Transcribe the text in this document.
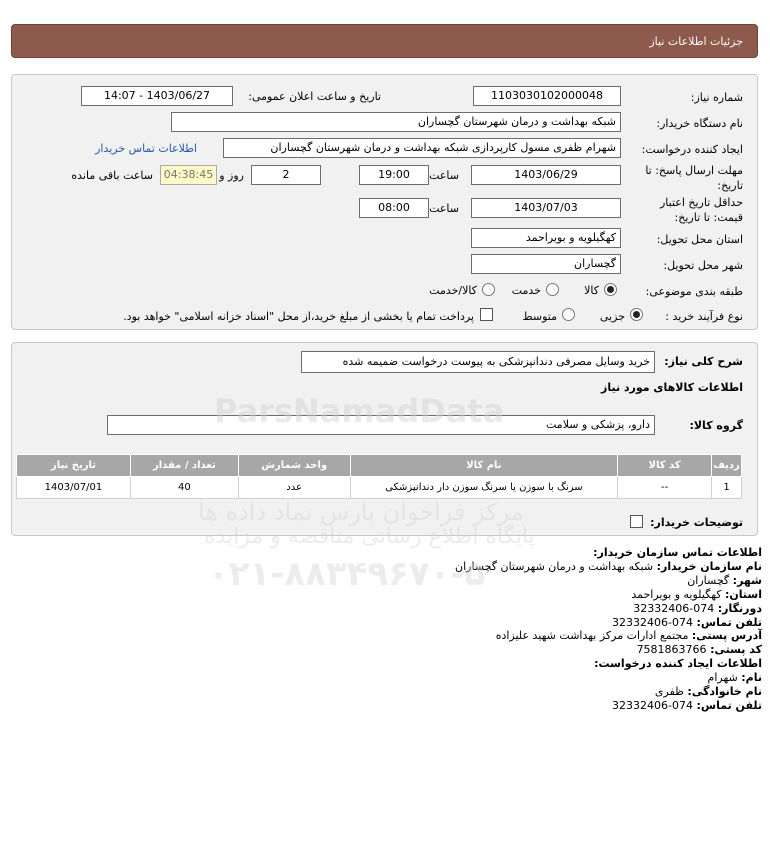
جزئیات اطلاعات نیاز
شماره نیاز:
1103030102000048
تاریخ و ساعت اعلان عمومی:
1403/06/27 - 14:07
نام دستگاه خریدار:
شبکه بهداشت و درمان شهرستان گچساران
ایجاد کننده درخواست:
شهرام ظفری مسول کارپردازی شبکه بهداشت و درمان شهرستان گچساران
اطلاعات تماس خریدار
مهلت ارسال پاسخ: تا تاریخ:
1403/06/29
ساعت
19:00
2
روز و
04:38:45
ساعت باقی مانده
حداقل تاریخ اعتبار قیمت: تا تاریخ:
1403/07/03
ساعت
08:00
استان محل تحویل:
کهگیلویه و بویراحمد
شهر محل تحویل:
گچساران
طبقه بندی موضوعی:
کالا
خدمت
کالا/خدمت
نوع فرآیند خرید :
جزیی
متوسط
پرداخت تمام یا بخشی از مبلغ خرید،از محل "اسناد خزانه اسلامی" خواهد بود.
شرح کلی نیاز:
خرید وسایل مصرفی دندانپزشکی به پیوست درخواست ضمیمه شده
اطلاعات کالاهای مورد نیاز
گروه کالا:
دارو، پزشکی و سلامت
توضیحات خریدار:
ردیف	کد کالا	نام کالا	واحد شمارش	تعداد / مقدار	تاریخ نیاز
1	--	سرنگ با سوزن یا سرنگ سوزن دار دندانپزشکی	عدد	40	1403/07/01
اطلاعات تماس سازمان خریدار:
نام سازمان خریدار: شبکه بهداشت و درمان شهرستان گچساران
شهر: گچساران
استان: کهگیلویه و بویراحمد
دورنگار: 074-32332406
تلفن تماس: 074-32332406
آدرس پستی: مجتمع ادارات مرکز بهداشت شهید علیزاده
کد پستی: 7581863766
اطلاعات ایجاد کننده درخواست:
نام: شهرام
نام خانوادگی: ظفری
تلفن تماس: 074-32332406
ParsNamadData
مرکز فراخوان پارس نماد داده ها
پایگاه اطلاع رسانی مناقصه و مزایده
۰۲۱-۸۸۳۴۹۶۷۰-۵
